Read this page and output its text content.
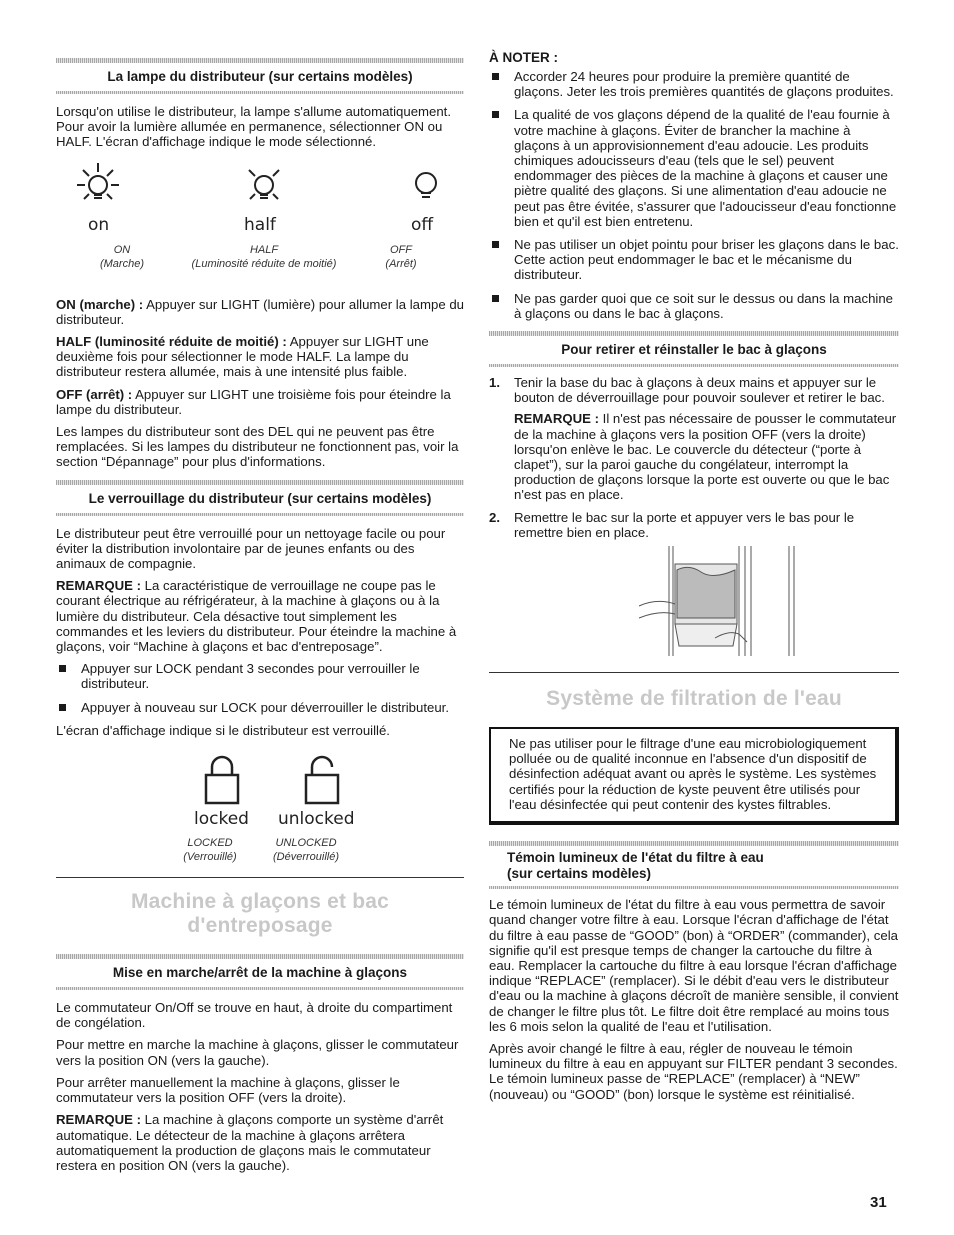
La lampe du distributeur (sur certains modèles)

Lorsqu'on utilise le distributeur, la lampe s'allume automatiquement. Pour avoir la lumière allumée en permanence, sélectionner ON ou HALF. L'écran d'affichage indique le mode sélectionné.

on	half	off
ON
(Marche)
HALF
(Luminosité réduite de moitié)
OFF
(Arrêt)

ON (marche) : Appuyer sur LIGHT (lumière) pour allumer la lampe du distributeur.

HALF (luminosité réduite de moitié) : Appuyer sur LIGHT une deuxième fois pour sélectionner le mode HALF. La lampe du distributeur restera allumée, mais à une intensité plus faible.

OFF (arrêt) : Appuyer sur LIGHT une troisième fois pour éteindre la lampe du distributeur.

Les lampes du distributeur sont des DEL qui ne peuvent pas être remplacées. Si les lampes du distributeur ne fonctionnent pas, voir la section “Dépannage” pour plus d'informations.

Le verrouillage du distributeur (sur certains modèles)

Le distributeur peut être verrouillé pour un nettoyage facile ou pour éviter la distribution involontaire par de jeunes enfants ou des animaux de compagnie.

REMARQUE : La caractéristique de verrouillage ne coupe pas le courant électrique au réfrigérateur, à la machine à glaçons ou à la lumière du distributeur. Cela désactive tout simplement les commandes et les leviers du distributeur. Pour éteindre la machine à glaçons, voir “Machine à glaçons et bac d'entreposage”.

Appuyer sur LOCK pendant 3 secondes pour verrouiller le distributeur.
Appuyer à nouveau sur LOCK pour déverrouiller le distributeur.

L'écran d'affichage indique si le distributeur est verrouillé.

locked unlocked
LOCKED
(Verrouillé)
UNLOCKED
(Déverrouillé)
Machine à glaçons et bac d'entreposage
Mise en marche/arrêt de la machine à glaçons

Le commutateur On/Off se trouve en haut, à droite du compartiment de congélation.

Pour mettre en marche la machine à glaçons, glisser le commutateur vers la position ON (vers la gauche).

Pour arrêter manuellement la machine à glaçons, glisser le commutateur vers la position OFF (vers la droite).

REMARQUE : La machine à glaçons comporte un système d'arrêt automatique. Le détecteur de la machine à glaçons arrêtera automatiquement la production de glaçons mais le commutateur restera en position ON (vers la gauche).

À NOTER :
Accorder 24 heures pour produire la première quantité de glaçons. Jeter les trois premières quantités de glaçons produites.
La qualité de vos glaçons dépend de la qualité de l'eau fournie à votre machine à glaçons. Éviter de brancher la machine à glaçons à un approvisionnement d'eau adoucie. Les produits chimiques adoucisseurs d'eau (tels que le sel) peuvent endommager des pièces de la machine à glaçons et causer une piètre qualité des glaçons. Si une alimentation d'eau adoucie ne peut pas être évitée, s'assurer que l'adoucisseur d'eau fonctionne bien et qu'il est bien entretenu.
Ne pas utiliser un objet pointu pour briser les glaçons dans le bac. Cette action peut endommager le bac et le mécanisme du distributeur.
Ne pas garder quoi que ce soit sur le dessus ou dans la machine à glaçons ou dans le bac à glaçons.
Pour retirer et réinstaller le bac à glaçons
1. Tenir la base du bac à glaçons à deux mains et appuyer sur le bouton de déverrouillage pour pouvoir soulever et retirer le bac.

REMARQUE : Il n'est pas nécessaire de pousser le commutateur de la machine à glaçons vers la position OFF (vers la droite) lorsqu'on enlève le bac. Le couvercle du détecteur (“porte à clapet”), sur la paroi gauche du congélateur, interrompt la production de glaçons lorsque la porte est ouverte ou que le bac n'est pas en place.

2. Remettre le bac sur la porte et appuyer vers le bas pour le remettre bien en place.
Système de filtration de l'eau

Ne pas utiliser pour le filtrage d'une eau microbiologiquement polluée ou de qualité inconnue en l'absence d'un dispositif de désinfection adéquat avant ou après le système. Les systèmes certifiés pour la réduction de kyste peuvent être utilisés pour l'eau désinfectée qui peut contenir des kystes filtrables.

Témoin lumineux de l'état du filtre à eau
(sur certains modèles)

Le témoin lumineux de l'état du filtre à eau vous permettra de savoir quand changer votre filtre à eau. Lorsque l'écran d'affichage de l'état du filtre à eau passe de “GOOD” (bon) à “ORDER” (commander), cela signifie qu'il est presque temps de changer la cartouche du filtre à eau. Remplacer la cartouche du filtre à eau lorsque l'écran d'affichage indique “REPLACE” (remplacer). Si le débit d'eau vers le distributeur d'eau ou la machine à glaçons décroît de manière sensible, il convient de changer le filtre plus tôt. Le filtre doit être remplacé au moins tous les 6 mois selon la qualité de l'eau et l'utilisation.

Après avoir changé le filtre à eau, régler de nouveau le témoin lumineux du filtre à eau en appuyant sur FILTER pendant 3 secondes. Le témoin lumineux passe de “REPLACE” (remplacer) à “NEW” (nouveau) ou “GOOD” (bon) lorsque le système est réinitialisé.

31
